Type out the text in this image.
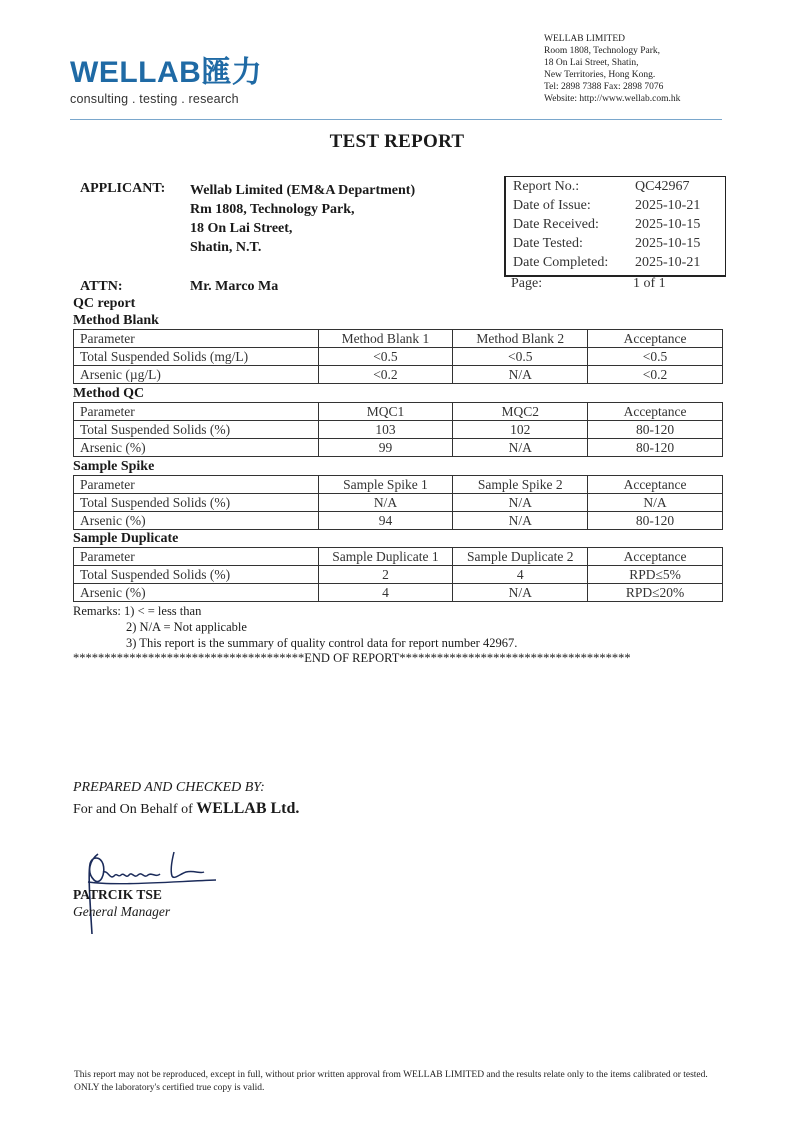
WELLAB匯力
consulting . testing . research
WELLAB LIMITED
Room 1808, Technology Park,
18 On Lai Street, Shatin,
New Territories, Hong Kong.
Tel: 2898 7388 Fax: 2898 7076
Website: http://www.wellab.com.hk
TEST REPORT
APPLICANT: Wellab Limited (EM&A Department)
Rm 1808, Technology Park,
18 On Lai Street,
Shatin, N.T.
ATTN:	Mr. Marco Ma
Report No.:	QC42967
Date of Issue:	2025-10-21
Date Received:	2025-10-15
Date Tested:	2025-10-15
Date Completed: 2025-10-21
Page:	1 of 1
QC report
Method Blank
Parameter	Method Blank 1	Method Blank 2	Acceptance
Total Suspended Solids (mg/L)	<0.5	<0.5	<0.5
Arsenic (µg/L)	<0.2	N/A	<0.2
Method QC
Parameter	MQC1	MQC2	Acceptance
Total Suspended Solids (%)	103	102	80-120
Arsenic (%)	99	N/A	80-120
Sample Spike
Parameter	Sample Spike 1	Sample Spike 2	Acceptance
Total Suspended Solids (%)	N/A	N/A	N/A
Arsenic (%)	94	N/A	80-120
Sample Duplicate
Parameter	Sample Duplicate 1	Sample Duplicate 2	Acceptance
Total Suspended Solids (%)	2	4	RPD≤5%
Arsenic (%)	4	N/A	RPD≤20%
Remarks: 1) < = less than
2) N/A = Not applicable
3) This report is the summary of quality control data for report number 42967.
*************************************END OF REPORT*************************************
PREPARED AND CHECKED BY:
For and On Behalf of WELLAB Ltd.
PATRCIK TSE
General Manager
This report may not be reproduced, except in full, without prior written approval from WELLAB LIMITED and the results relate only to the items calibrated or tested. ONLY the laboratory's certified true copy is valid.
